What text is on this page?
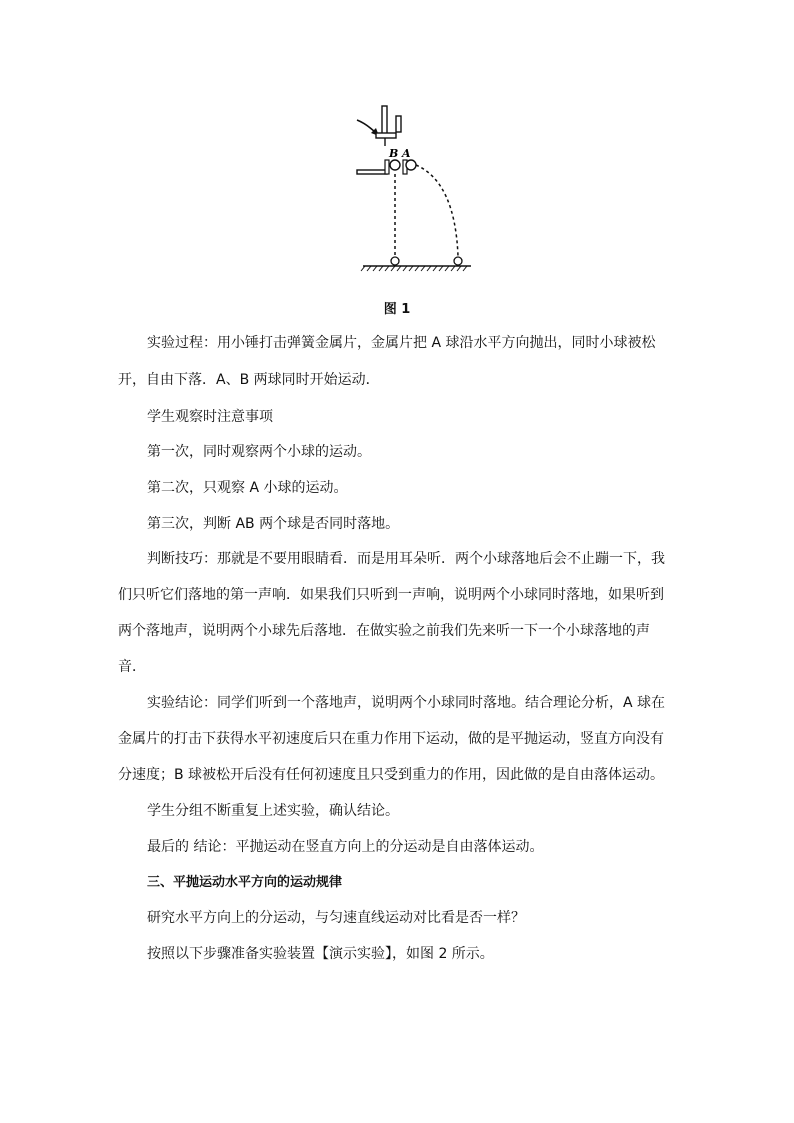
B A
图 1
实验过程：用小锤打击弹簧金属片，金属片把 A 球沿水平方向抛出，同时小球被松
开，自由下落．A、B 两球同时开始运动．
学生观察时注意事项
第一次，同时观察两个小球的运动。
第二次，只观察 A 小球的运动。
第三次，判断 AB 两个球是否同时落地。
判断技巧：那就是不要用眼睛看．而是用耳朵听．两个小球落地后会不止蹦一下，我
们只听它们落地的第一声响．如果我们只听到一声响，说明两个小球同时落地，如果听到
两个落地声，说明两个小球先后落地．在做实验之前我们先来听一下一个小球落地的声
音．
实验结论：同学们听到一个落地声，说明两个小球同时落地。结合理论分析，A 球在
金属片的打击下获得水平初速度后只在重力作用下运动，做的是平抛运动，竖直方向没有
分速度；B 球被松开后没有任何初速度且只受到重力的作用，因此做的是自由落体运动。
学生分组不断重复上述实验，确认结论。
最后的 结论：平抛运动在竖直方向上的分运动是自由落体运动。
三、平抛运动水平方向的运动规律
研究水平方向上的分运动，与匀速直线运动对比看是否一样？
按照以下步骤准备实验装置【演示实验】，如图 2 所示。
